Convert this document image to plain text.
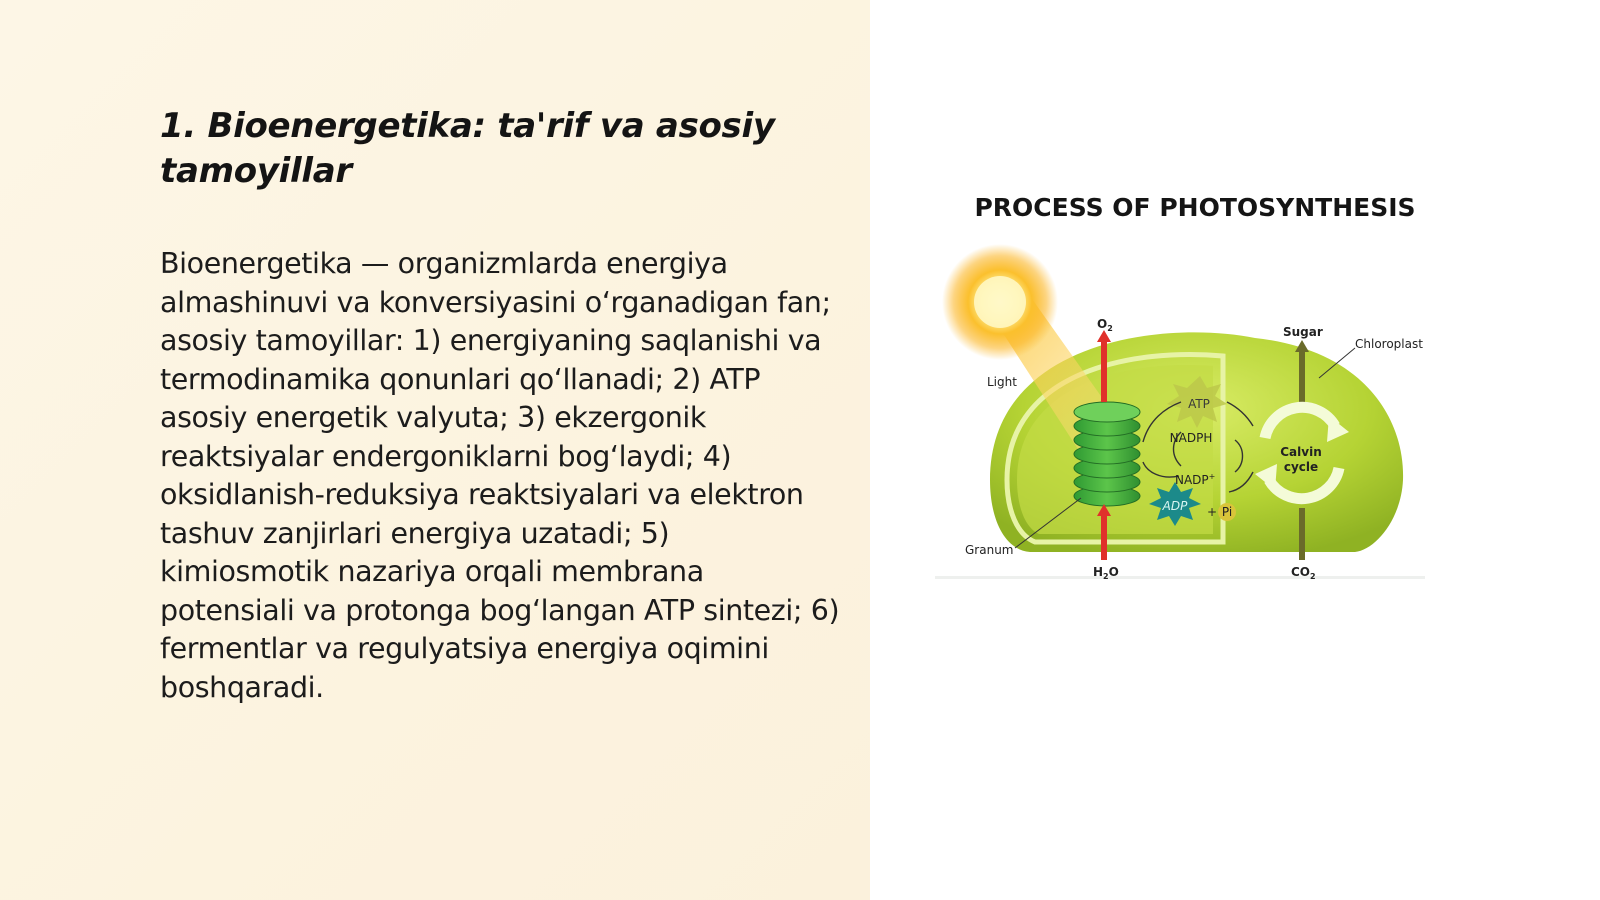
1. Bioenergetika: ta'rif va asosiy tamoyillar

Bioenergetika — organizmlarda energiya almashinuvi va konversiyasini o‘rganadigan fan; asosiy tamoyillar: 1) energiyaning saqlanishi va termodinamika qonunlari qo‘llanadi; 2) ATP asosiy energetik valyuta; 3) ekzergonik reaktsiyalar endergoniklarni bog‘laydi; 4) oksidlanish-reduksiya reaktsiyalari va elektron tashuv zanjirlari energiya uzatadi; 5) kimiosmotik nazariya orqali membrana potensiali va protonga bog‘langan ATP sintezi; 6) fermentlar va regulyatsiya energiya oqimini boshqaradi.

PROCESS OF PHOTOSYNTHESIS
ATP
ADP + Pi
Light
$O_2$
$H_2O$
Sugar
$CO_2$
Chloroplast
Granum
NADPH
NADP+
Calvin
cycle
